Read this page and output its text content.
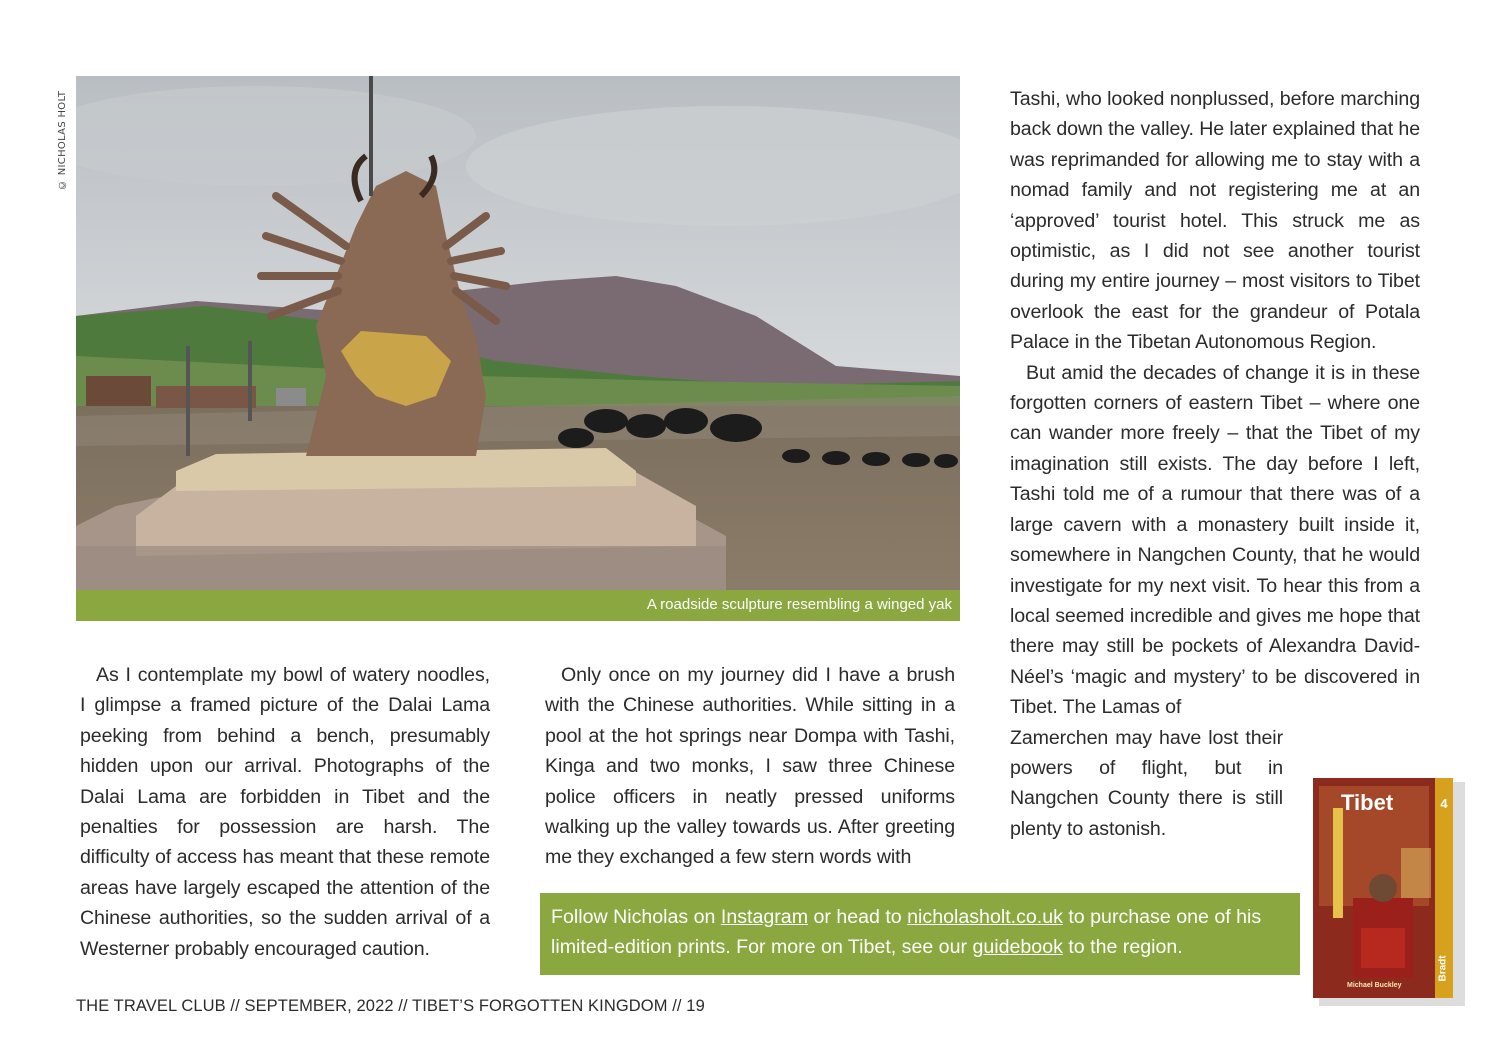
© NICHOLAS HOLT
A roadside sculpture resembling a winged yak

As I contemplate my bowl of watery noodles, I glimpse a framed picture of the Dalai Lama peeking from behind a bench, presumably hidden upon our arrival. Photographs of the Dalai Lama are forbidden in Tibet and the penalties for possession are harsh. The difficulty of access has meant that these remote areas have largely escaped the attention of the Chinese authorities, so the sudden arrival of a Westerner probably encouraged caution.

Only once on my journey did I have a brush with the Chinese authorities. While sitting in a pool at the hot springs near Dompa with Tashi, Kinga and two monks, I saw three Chinese police officers in neatly pressed uniforms walking up the valley towards us. After greeting me they exchanged a few stern words with

Tashi, who looked nonplussed, before marching back down the valley. He later explained that he was reprimanded for allowing me to stay with a nomad family and not registering me at an ‘approved’ tourist hotel. This struck me as optimistic, as I did not see another tourist during my entire journey – most visitors to Tibet overlook the east for the grandeur of Potala Palace in the Tibetan Autonomous Region.

But amid the decades of change it is in these forgotten corners of eastern Tibet – where one can wander more freely – that the Tibet of my imagination still exists. The day before I left, Tashi told me of a rumour that there was of a large cavern with a monastery built inside it, somewhere in Nangchen County, that he would investigate for my next visit. To hear this from a local seemed incredible and gives me hope that there may still be pockets of Alexandra David-Néel’s ‘magic and mystery’ to be discovered in Tibet. The Lamas of

Zamerchen may have lost their powers of flight, but in Nangchen County there is still plenty to astonish.

Follow Nicholas on Instagram or head to nicholasholt.co.uk to purchase one of his limited-edition prints. For more on Tibet, see our guidebook to the region.
Tibet	4
Michael Buckley
Bradt
THE TRAVEL CLUB // SEPTEMBER, 2022 // TIBET’S FORGOTTEN KINGDOM // 19
